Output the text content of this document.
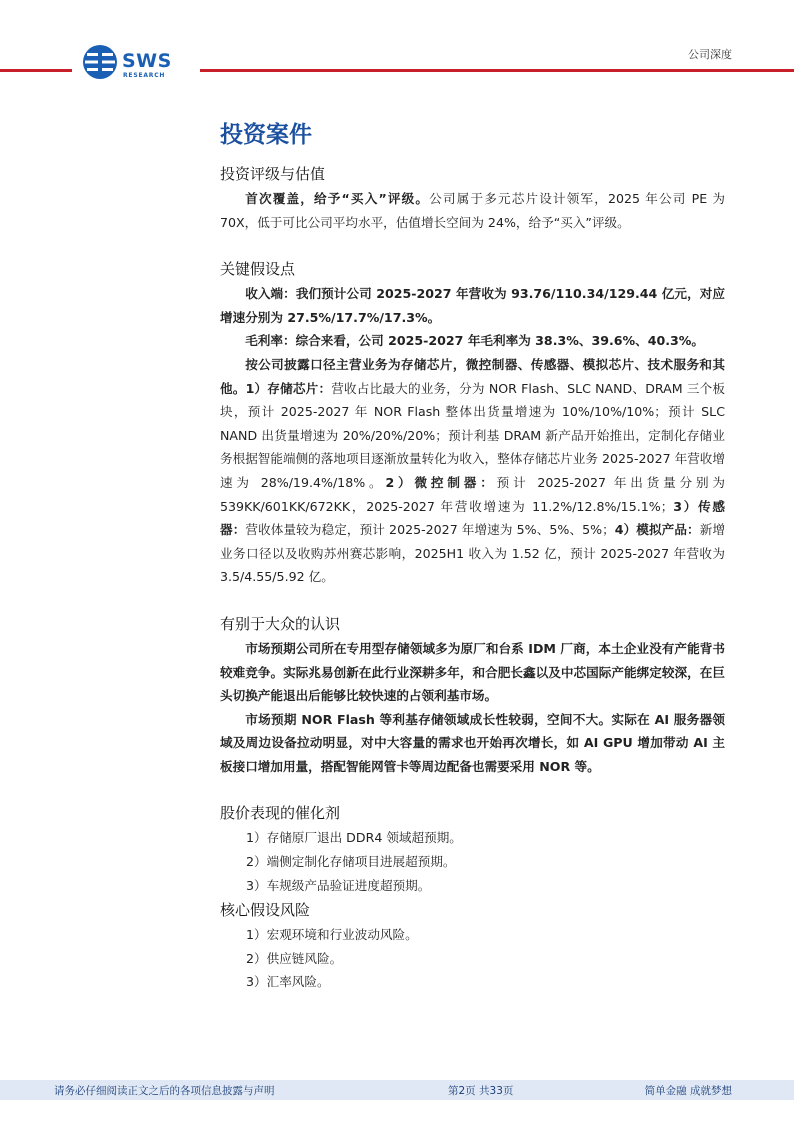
SWS
RESEARCH
公司深度
投资案件
投资评级与估值

首次覆盖，给予“买入”评级。公司属于多元芯片设计领军，2025 年公司 PE 为 70X，低于可比公司平均水平，估值增长空间为 24%，给予“买入”评级。

关键假设点

收入端：我们预计公司 2025-2027 年营收为 93.76/110.34/129.44 亿元，对应增速分别为 27.5%/17.7%/17.3%。

毛利率：综合来看，公司 2025-2027 年毛利率为 38.3%、39.6%、40.3%。

按公司披露口径主营业务为存储芯片，微控制器、传感器、模拟芯片、技术服务和其他。1）存储芯片：营收占比最大的业务，分为 NOR Flash、SLC NAND、DRAM 三个板块，预计 2025-2027 年 NOR Flash 整体出货量增速为 10%/10%/10%；预计 SLC NAND 出货量增速为 20%/20%/20%；预计利基 DRAM 新产品开始推出，定制化存储业务根据智能端侧的落地项目逐渐放量转化为收入，整体存储芯片业务 2025-2027 年营收增速为 28%/19.4%/18%。2）微控制器：预计 2025-2027 年出货量分别为 539KK/601KK/672KK，2025-2027 年营收增速为 11.2%/12.8%/15.1%；3）传感器：营收体量较为稳定，预计 2025-2027 年增速为 5%、5%、5%；4）模拟产品：新增业务口径以及收购苏州赛芯影响，2025H1 收入为 1.52 亿，预计 2025-2027 年营收为 3.5/4.55/5.92 亿。

有别于大众的认识

市场预期公司所在专用型存储领域多为原厂和台系 IDM 厂商，本土企业没有产能背书较难竞争。实际兆易创新在此行业深耕多年，和合肥长鑫以及中芯国际产能绑定较深，在巨头切换产能退出后能够比较快速的占领利基市场。

市场预期 NOR Flash 等利基存储领域成长性较弱，空间不大。实际在 AI 服务器领域及周边设备拉动明显，对中大容量的需求也开始再次增长，如 AI GPU 增加带动 AI 主板接口增加用量，搭配智能网管卡等周边配备也需要采用 NOR 等。

股价表现的催化剂
1）存储原厂退出 DDR4 领域超预期。
2）端侧定制化存储项目进展超预期。
3）车规级产品验证进度超预期。
核心假设风险
1）宏观环境和行业波动风险。
2）供应链风险。
3）汇率风险。
请务必仔细阅读正文之后的各项信息披露与声明	第2页 共33页	简单金融 成就梦想
